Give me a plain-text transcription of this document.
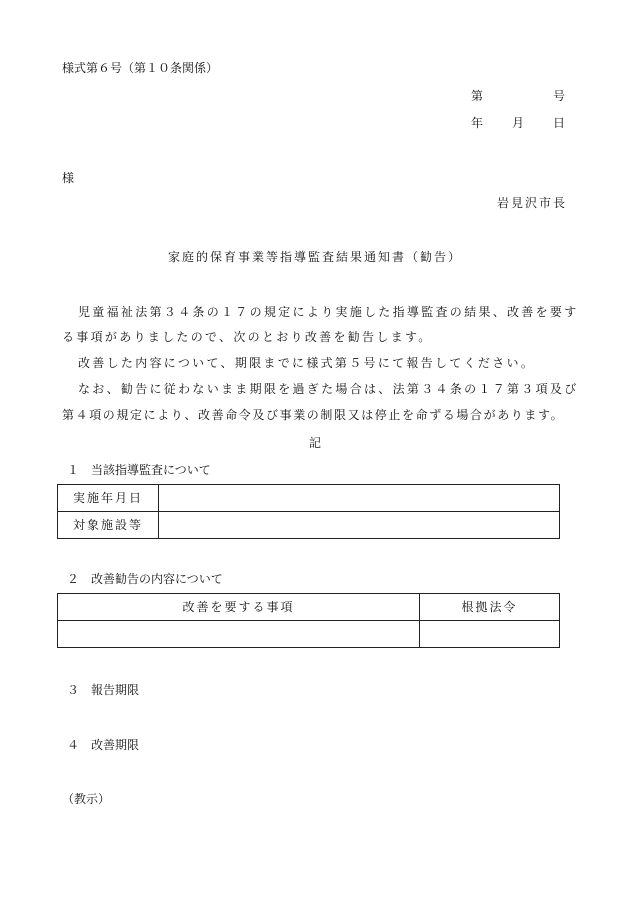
様式第６号（第１０条関係）
第	号
年 月 日
様
岩見沢市長
家庭的保育事業等指導監査結果通知書（勧告）
児童福祉法第３４条の１７の規定により実施した指導監査の結果、改善を要す
る事項がありましたので、次のとおり改善を勧告します。
改善した内容について、期限までに様式第５号にて報告してください。
なお、勧告に従わないまま期限を過ぎた場合は、法第３４条の１７第３項及び
第４項の規定により、改善命令及び事業の制限又は停止を命ずる場合があります。
記
１　当該指導監査について
実施年月日	
対象施設等	
２　改善勧告の内容について
改善を要する事項	根拠法令

３　報告期限
４　改善期限
（教示）
